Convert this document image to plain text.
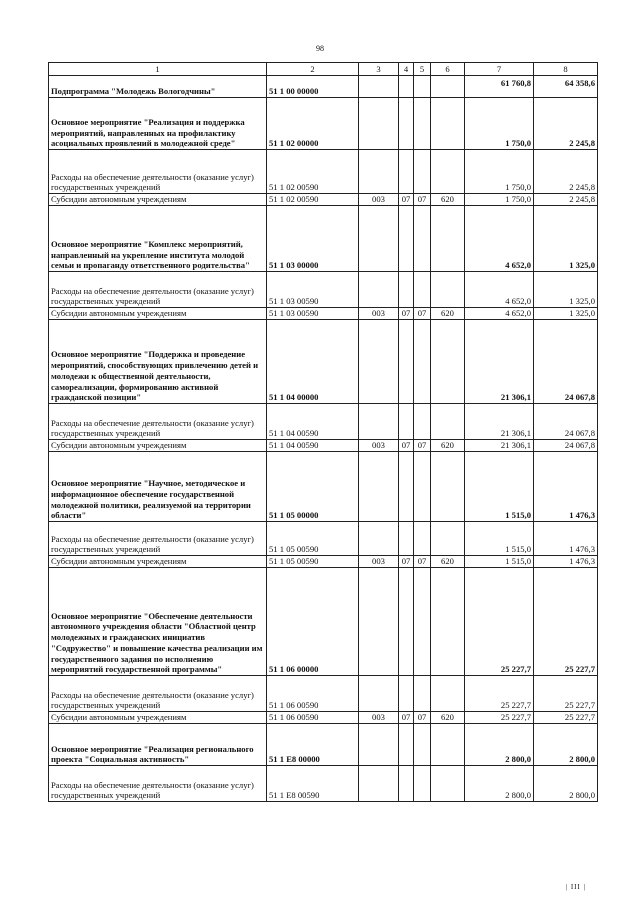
98
1	2	3	4	5	6	7	8
Подпрограмма "Молодежь Вологодчины"	51 1 00 00000					61 760,8	64 358,6
Основное мероприятие "Реализация и поддержка мероприятий, направленных на профилактику асоциальных проявлений в молодежной среде"	51 1 02 00000					1 750,0	2 245,8
Расходы на обеспечение деятельности (оказание услуг) государственных учреждений	51 1 02 00590					1 750,0	2 245,8
Субсидии автономным учреждениям	51 1 02 00590	003	07	07	620	1 750,0	2 245,8
Основное мероприятие "Комплекс мероприятий, направленный на укрепление института молодой семьи и пропаганду ответственного родительства"	51 1 03 00000					4 652,0	1 325,0
Расходы на обеспечение деятельности (оказание услуг) государственных учреждений	51 1 03 00590					4 652,0	1 325,0
Субсидии автономным учреждениям	51 1 03 00590	003	07	07	620	4 652,0	1 325,0
Основное мероприятие "Поддержка и проведение мероприятий, способствующих привлечению детей и молодежи к общественной деятельности, самореализации, формированию активной гражданской позиции"	51 1 04 00000					21 306,1	24 067,8
Расходы на обеспечение деятельности (оказание услуг) государственных учреждений	51 1 04 00590					21 306,1	24 067,8
Субсидии автономным учреждениям	51 1 04 00590	003	07	07	620	21 306,1	24 067,8
Основное мероприятие "Научное, методическое и информационное обеспечение государственной молодежной политики, реализуемой на территории области"	51 1 05 00000					1 515,0	1 476,3
Расходы на обеспечение деятельности (оказание услуг) государственных учреждений	51 1 05 00590					1 515,0	1 476,3
Субсидии автономным учреждениям	51 1 05 00590	003	07	07	620	1 515,0	1 476,3
Основное мероприятие "Обеспечение деятельности автономного учреждения области "Областной центр молодежных и гражданских инициатив "Содружество" и повышение качества реализации им государственного задания по исполнению мероприятий государственной программы"	51 1 06 00000					25 227,7	25 227,7
Расходы на обеспечение деятельности (оказание услуг) государственных учреждений	51 1 06 00590					25 227,7	25 227,7
Субсидии автономным учреждениям	51 1 06 00590	003	07	07	620	25 227,7	25 227,7
Основное мероприятие "Реализация регионального проекта "Социальная активность"	51 1 E8 00000					2 800,0	2 800,0
Расходы на обеспечение деятельности (оказание услуг) государственных учреждений	51 1 E8 00590					2 800,0	2 800,0
| III |
